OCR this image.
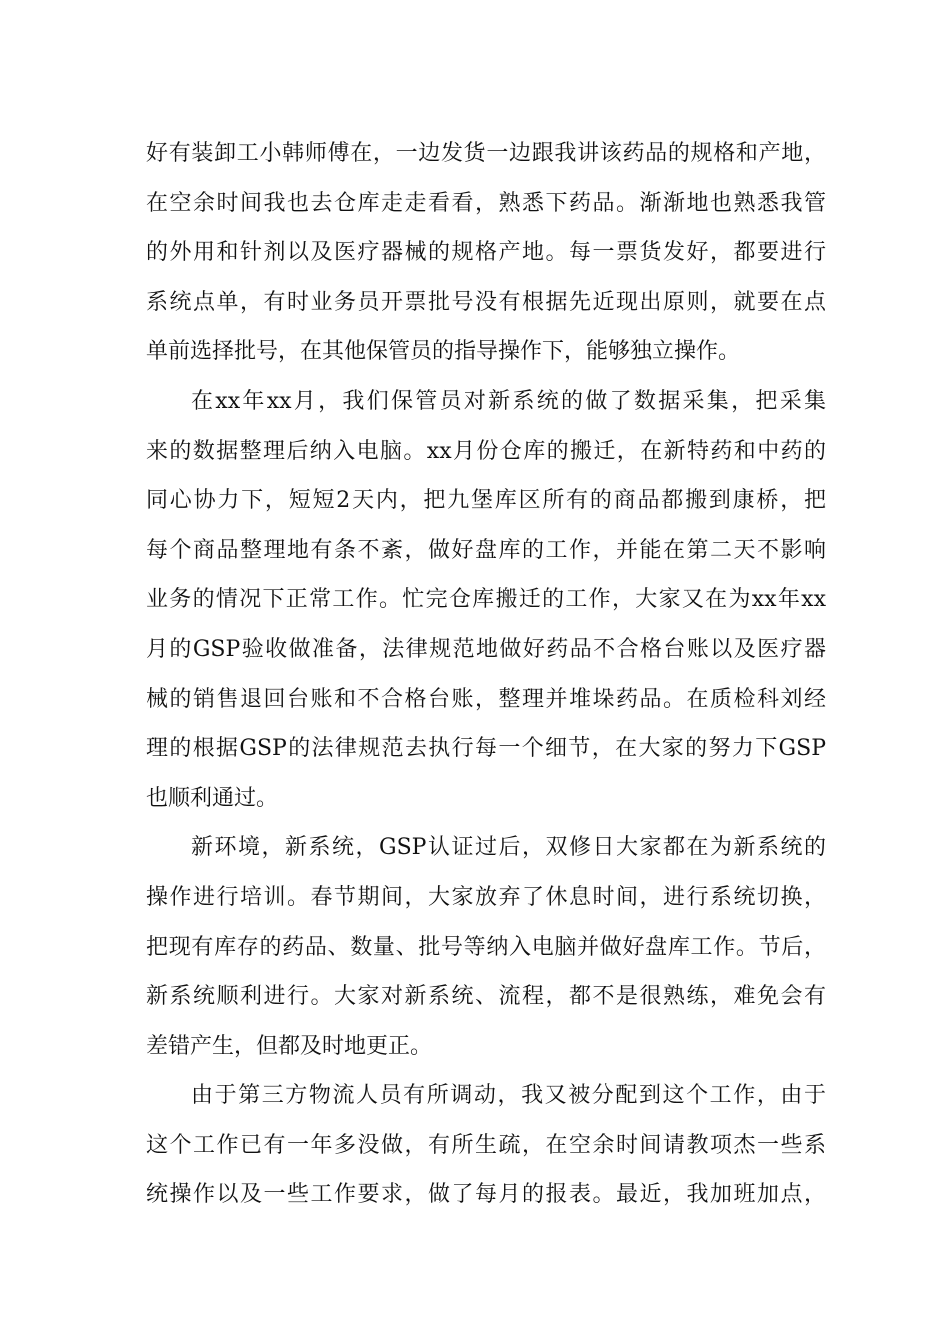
好有装卸工小韩师傅在，一边发货一边跟我讲该药品的规格和产地，
在空余时间我也去仓库走走看看，熟悉下药品。渐渐地也熟悉我管
的外用和针剂以及医疗器械的规格产地。每一票货发好，都要进行
系统点单，有时业务员开票批号没有根据先近现出原则，就要在点
单前选择批号，在其他保管员的指导操作下，能够独立操作。
在xx年xx月，我们保管员对新系统的做了数据采集，把采集
来的数据整理后纳入电脑。xx月份仓库的搬迁，在新特药和中药的
同心协力下，短短2天内，把九堡库区所有的商品都搬到康桥，把
每个商品整理地有条不紊，做好盘库的工作，并能在第二天不影响
业务的情况下正常工作。忙完仓库搬迁的工作，大家又在为xx年xx
月的GSP验收做准备，法律规范地做好药品不合格台账以及医疗器
械的销售退回台账和不合格台账，整理并堆垛药品。在质检科刘经
理的根据GSP的法律规范去执行每一个细节，在大家的努力下GSP
也顺利通过。
新环境，新系统，GSP认证过后，双修日大家都在为新系统的
操作进行培训。春节期间，大家放弃了休息时间，进行系统切换，
把现有库存的药品、数量、批号等纳入电脑并做好盘库工作。节后，
新系统顺利进行。大家对新系统、流程，都不是很熟练，难免会有
差错产生，但都及时地更正。
由于第三方物流人员有所调动，我又被分配到这个工作，由于
这个工作已有一年多没做，有所生疏，在空余时间请教项杰一些系
统操作以及一些工作要求，做了每月的报表。最近，我加班加点，
